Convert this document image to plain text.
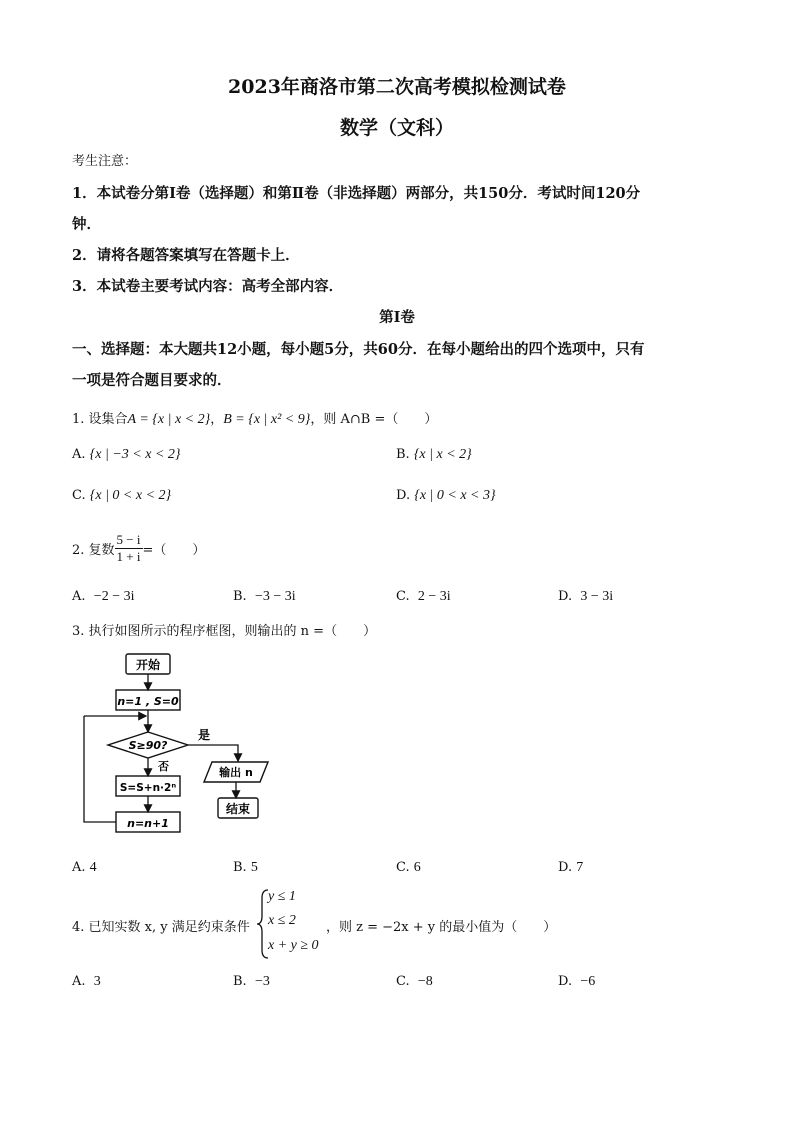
2023年商洛市第二次高考模拟检测试卷
数学（文科）
考生注意：
1．本试卷分第Ⅰ卷（选择题）和第Ⅱ卷（非选择题）两部分，共150分．考试时间120分
钟．
2．请将各题答案填写在答题卡上．
3．本试卷主要考试内容：高考全部内容．
第Ⅰ卷
一、选择题：本大题共12小题，每小题5分，共60分．在每小题给出的四个选项中，只有
一项是符合题目要求的．
1. 设集合A = {x | x < 2}，B = {x | x² < 9}，则 A∩B =（　　）
A. {x | −3 < x < 2}	B. {x | x < 2}
C. {x | 0 < x < 2}	D. {x | 0 < x < 3}
2. 复数 $\frac{5 - i}{1 + i}$ =（　　）
A. −2 − 3i	B. −3 − 3i	C. 2 − 3i	D. 3 − 3i
3. 执行如图所示的程序框图，则输出的 n =（　　）
开始
n=1 , S=0
S≥90?
是
输出 n
结束
否
S=S+n·2ⁿ
n=n+1
A. 4	B. 5	C. 6	D. 7
4. 已知实数 x, y 满足约束条件
y ≤ 1
x ≤ 2
x + y ≥ 0
，则 z = −2x + y 的最小值为（　　）
A. 3	B. −3	C. −8	D. −6
